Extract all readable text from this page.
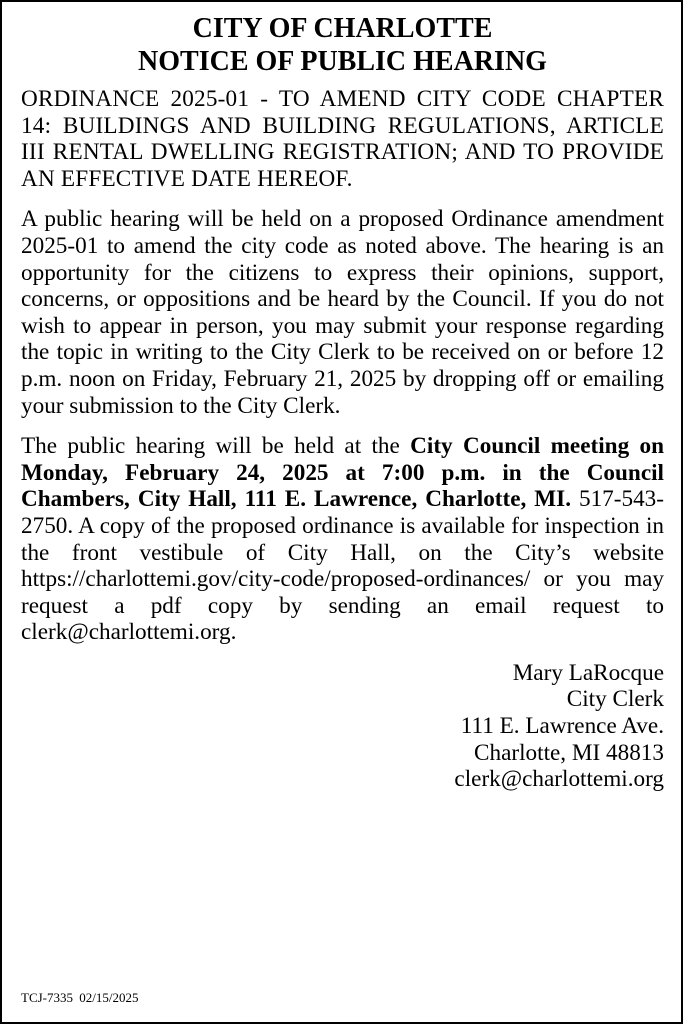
CITY OF CHARLOTTE
NOTICE OF PUBLIC HEARING

ORDINANCE 2025-01 - TO AMEND CITY CODE CHAPTER 14: BUILDINGS AND BUILDING REGULATIONS, ARTICLE III RENTAL DWELLING REGISTRATION; AND TO PROVIDE AN EFFECTIVE DATE HEREOF.

A public hearing will be held on a proposed Ordinance amendment 2025-01 to amend the city code as noted above. The hearing is an opportunity for the citizens to express their opinions, support, concerns, or oppositions and be heard by the Council. If you do not wish to appear in person, you may submit your response regarding the topic in writing to the City Clerk to be received on or before 12 p.m. noon on Friday, February 21, 2025 by dropping off or emailing your submission to the City Clerk.

The public hearing will be held at the City Council meeting on Monday, February 24, 2025 at 7:00 p.m. in the Council Chambers, City Hall, 111 E. Lawrence, Charlotte, MI. 517-543-2750. A copy of the proposed ordinance is available for inspection in the front vestibule of City Hall, on the City’s website https://charlottemi.gov/city-code/proposed-ordinances/ or you may request a pdf copy by sending an email request to clerk@charlottemi.org.

Mary LaRocque
City Clerk
111 E. Lawrence Ave.
Charlotte, MI 48813
clerk@charlottemi.org
TCJ-7335 02/15/2025
